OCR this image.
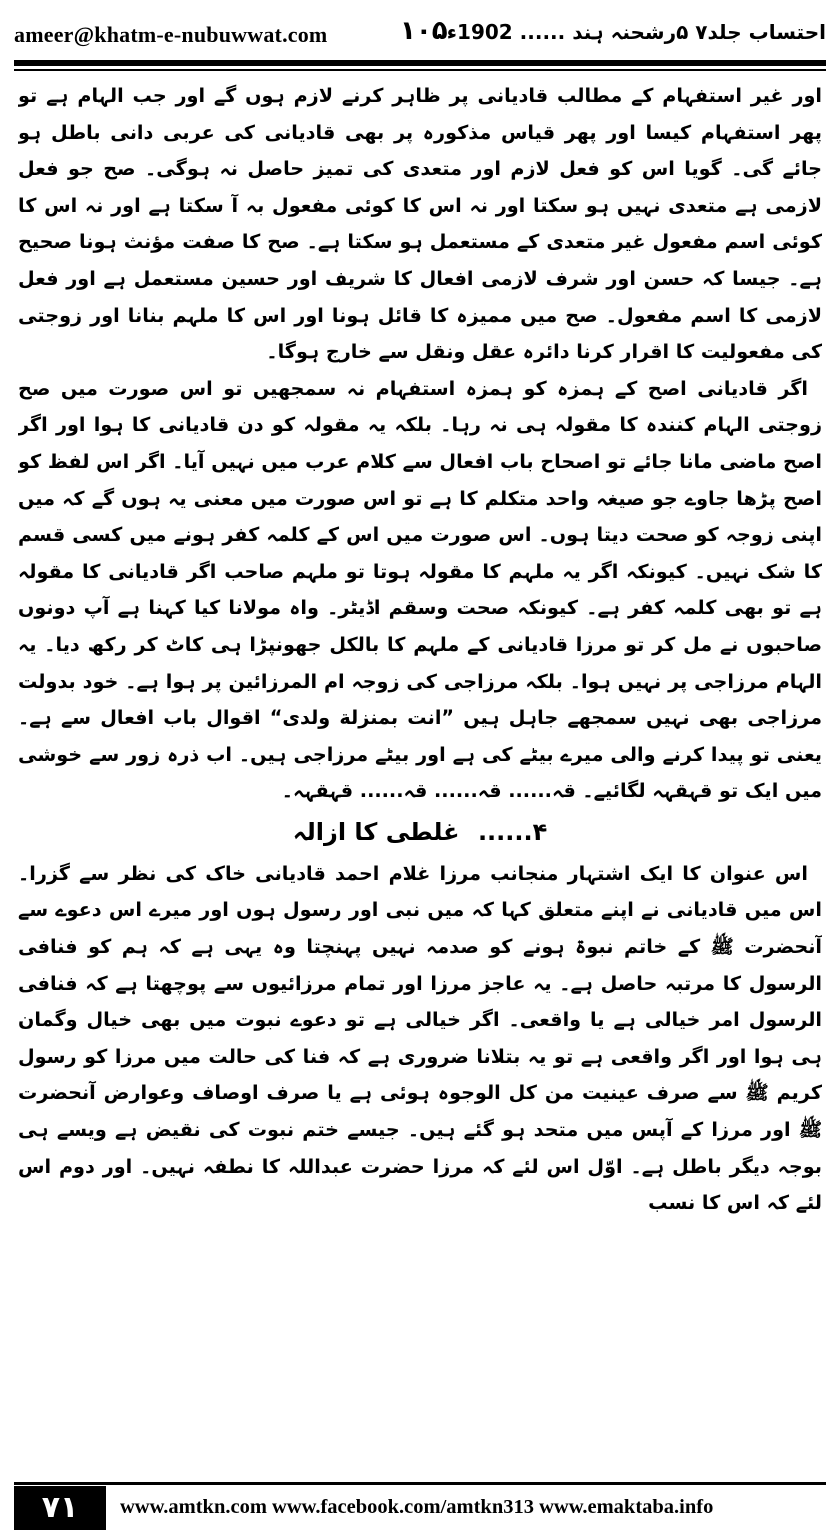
ameer@khatm-e-nubuwwat.com	۱۰۵ احتساب جلد۷ ۵رشحنہ ہند ...... 1902ء

اور غیر استفہام کے مطالب قادیانی پر ظاہر کرنے لازم ہوں گے اور جب الہام ہے تو پھر استفہام کیسا اور پھر قیاس مذکورہ پر بھی قادیانی کی عربی دانی باطل ہو جائے گی۔ گویا اس کو فعل لازم اور متعدی کی تمیز حاصل نہ ہوگی۔ صح جو فعل لازمی ہے متعدی نہیں ہو سکتا اور نہ اس کا کوئی مفعول بہ آ سکتا ہے اور نہ اس کا کوئی اسم مفعول غیر متعدی کے مستعمل ہو سکتا ہے۔ صح کا صفت مؤنث ہونا صحیح ہے۔ جیسا کہ حسن اور شرف لازمی افعال کا شریف اور حسین مستعمل ہے اور فعل لازمی کا اسم مفعول۔ صح میں ممیزہ کا قائل ہونا اور اس کا ملہم بنانا اور زوجتی کی مفعولیت کا اقرار کرنا دائرہ عقل ونقل سے خارج ہوگا۔

اگر قادیانی اصح کے ہمزہ کو ہمزہ استفہام نہ سمجھیں تو اس صورت میں صح زوجتی الہام کنندہ کا مقولہ ہی نہ رہا۔ بلکہ یہ مقولہ کو دن قادیانی کا ہوا اور اگر اصح ماضی مانا جائے تو اصحاح باب افعال سے کلام عرب میں نہیں آیا۔ اگر اس لفظ کو اصح پڑھا جاوے جو صیغہ واحد متکلم کا ہے تو اس صورت میں معنی یہ ہوں گے کہ میں اپنی زوجہ کو صحت دیتا ہوں۔ اس صورت میں اس کے کلمہ کفر ہونے میں کسی قسم کا شک نہیں۔ کیونکہ اگر یہ ملہم کا مقولہ ہوتا تو ملہم صاحب اگر قادیانی کا مقولہ ہے تو بھی کلمہ کفر ہے۔ کیونکہ صحت وسقم اڈیٹر۔ واہ مولانا کیا کہنا ہے آپ دونوں صاحبوں نے مل کر تو مرزا قادیانی کے ملہم کا بالکل جھونپڑا ہی کاٹ کر رکھ دیا۔ یہ الہام مرزاجی پر نہیں ہوا۔ بلکہ مرزاجی کی زوجہ ام المرزائین پر ہوا ہے۔ خود بدولت مرزاجی بھی نہیں سمجھے جاہل ہیں ”انت بمنزلة ولدی“ اقوال باب افعال سے ہے۔ یعنی تو پیدا کرنے والی میرے بیٹے کی ہے اور بیٹے مرزاجی ہیں۔ اب ذرہ زور سے خوشی میں ایک تو قہقہہ لگائیے۔ قہ...... قہ...... قہ...... قہقہہ۔

۴...... غلطی کا ازالہ

اس عنوان کا ایک اشتہار منجانب مرزا غلام احمد قادیانی خاک کی نظر سے گزرا۔ اس میں قادیانی نے اپنے متعلق کہا کہ میں نبی اور رسول ہوں اور میرے اس دعوے سے آنحضرت ﷺ کے خاتم نبوۃ ہونے کو صدمہ نہیں پہنچتا وہ یہی ہے کہ ہم کو فنافی الرسول کا مرتبہ حاصل ہے۔ یہ عاجز مرزا اور تمام مرزائیوں سے پوچھتا ہے کہ فنافی الرسول امر خیالی ہے یا واقعی۔ اگر خیالی ہے تو دعوے نبوت میں بھی خیال وگمان ہی ہوا اور اگر واقعی ہے تو یہ بتلانا ضروری ہے کہ فنا کی حالت میں مرزا کو رسول کریم ﷺ سے صرف عینیت من کل الوجوہ ہوئی ہے یا صرف اوصاف وعوارض آنحضرت ﷺ اور مرزا کے آپس میں متحد ہو گئے ہیں۔ جیسے ختم نبوت کی نقیض ہے ویسے ہی بوجہ دیگر باطل ہے۔ اوّل اس لئے کہ مرزا حضرت عبداللہ کا نطفہ نہیں۔ اور دوم اس لئے کہ اس کا نسب

۷۱	www.amtkn.com www.facebook.com/amtkn313 www.emaktaba.info
